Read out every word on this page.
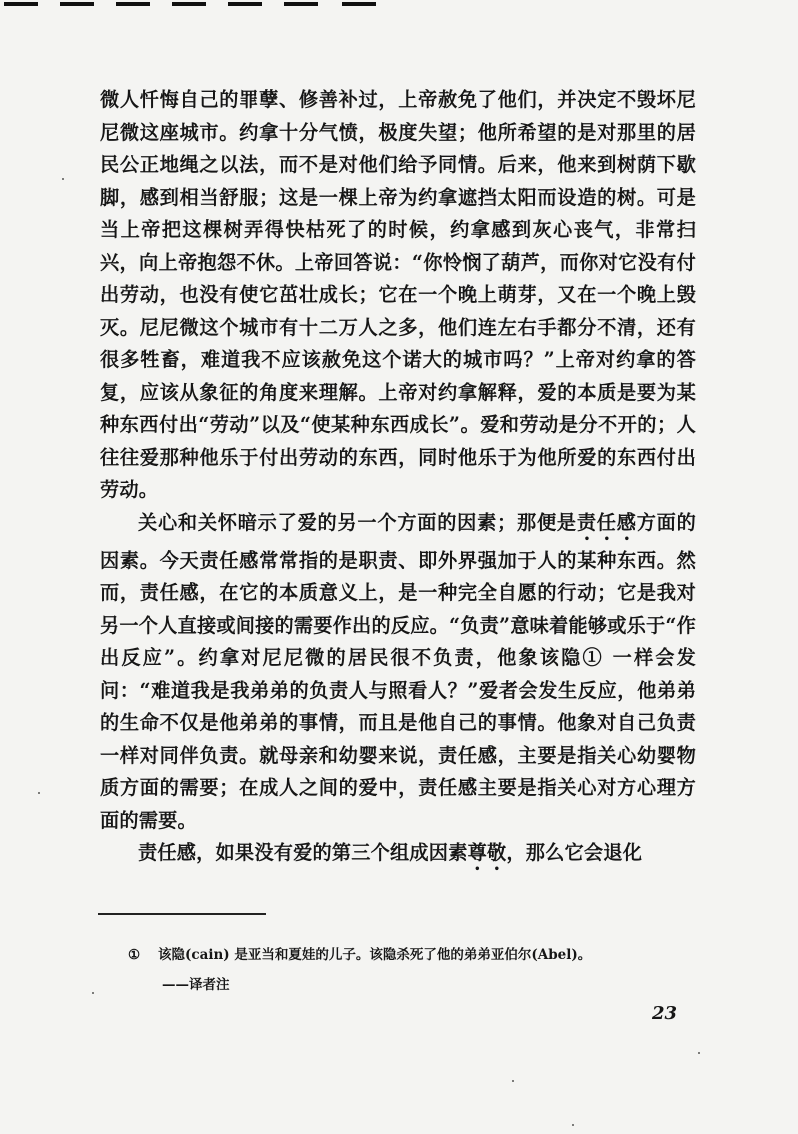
微人忏悔自己的罪孽、修善补过，上帝赦免了他们，并决定不毁坏尼尼微这座城市。约拿十分气愤，极度失望；他所希望的是对那里的居民公正地绳之以法，而不是对他们给予同情。后来，他来到树荫下歇脚，感到相当舒服；这是一棵上帝为约拿遮挡太阳而设造的树。可是当上帝把这棵树弄得快枯死了的时候，约拿感到灰心丧气，非常扫兴，向上帝抱怨不休。上帝回答说：“你怜悯了葫芦，而你对它没有付出劳动，也没有使它茁壮成长；它在一个晚上萌芽，又在一个晚上毁灭。尼尼微这个城市有十二万人之多，他们连左右手都分不清，还有很多牲畜，难道我不应该赦免这个诺大的城市吗？”上帝对约拿的答复，应该从象征的角度来理解。上帝对约拿解释，爱的本质是要为某种东西付出“劳动”以及“使某种东西成长”。爱和劳动是分不开的；人往往爱那种他乐于付出劳动的东西，同时他乐于为他所爱的东西付出劳动。

关心和关怀暗示了爱的另一个方面的因素；那便是责任感方面的因素。今天责任感常常指的是职责、即外界强加于人的某种东西。然而，责任感，在它的本质意义上，是一种完全自愿的行动；它是我对另一个人直接或间接的需要作出的反应。“负责”意味着能够或乐于“作出反应”。约拿对尼尼微的居民很不负责，他象该隐① 一样会发问：“难道我是我弟弟的负责人与照看人？”爱者会发生反应，他弟弟的生命不仅是他弟弟的事情，而且是他自己的事情。他象对自己负责一样对同伴负责。就母亲和幼婴来说，责任感，主要是指关心幼婴物质方面的需要；在成人之间的爱中，责任感主要是指关心对方心理方面的需要。

责任感，如果没有爱的第三个组成因素尊敬，那么它会退化

① 该隐(cain) 是亚当和夏娃的儿子。该隐杀死了他的弟弟亚伯尔(Abel)。
——译者注
23
